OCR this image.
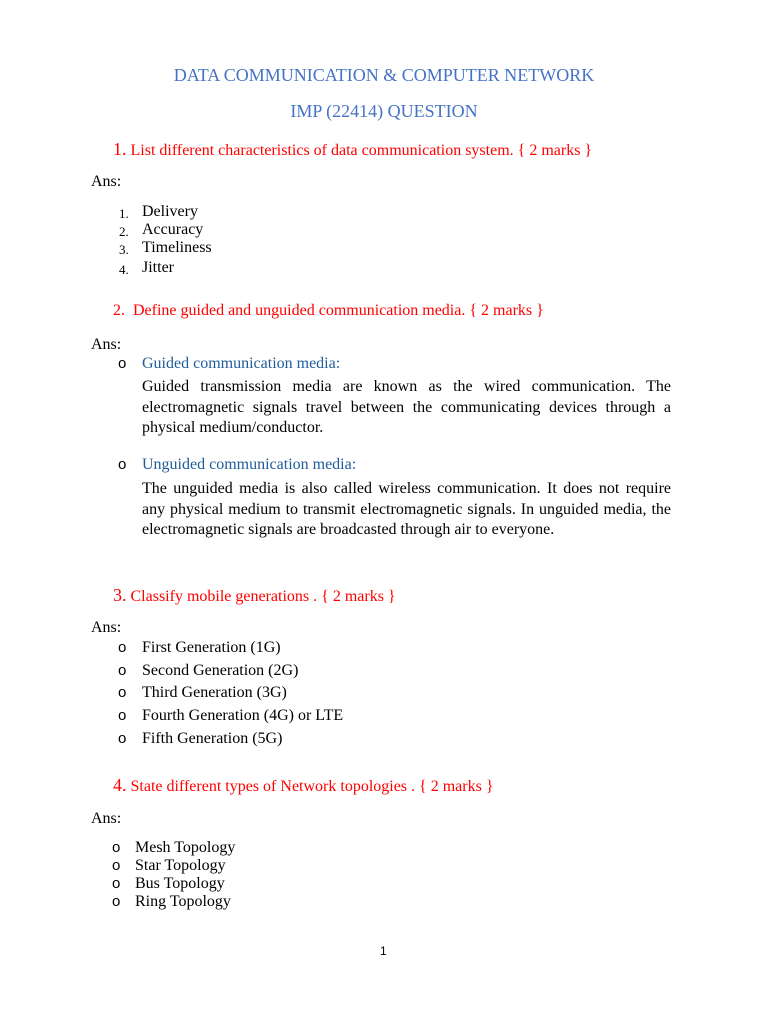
DATA COMMUNICATION & COMPUTER NETWORK
IMP (22414) QUESTION
1. List different characteristics of data communication system. { 2 marks }
Ans:
1. Delivery
2. Accuracy
3. Timeliness
4. Jitter
2. Define guided and unguided communication media. { 2 marks }
Ans:
o Guided communication media:
Guided transmission media are known as the wired communication. The electromagnetic signals travel between the communicating devices through a physical medium/conductor.
o Unguided communication media:
The unguided media is also called wireless communication. It does not require any physical medium to transmit electromagnetic signals. In unguided media, the electromagnetic signals are broadcasted through air to everyone.
3. Classify mobile generations . { 2 marks }
Ans:
o First Generation (1G)
o Second Generation (2G)
o Third Generation (3G)
o Fourth Generation (4G) or LTE
o Fifth Generation (5G)
4. State different types of Network topologies . { 2 marks }
Ans:
o Mesh Topology
o Star Topology
o Bus Topology
o Ring Topology
1
